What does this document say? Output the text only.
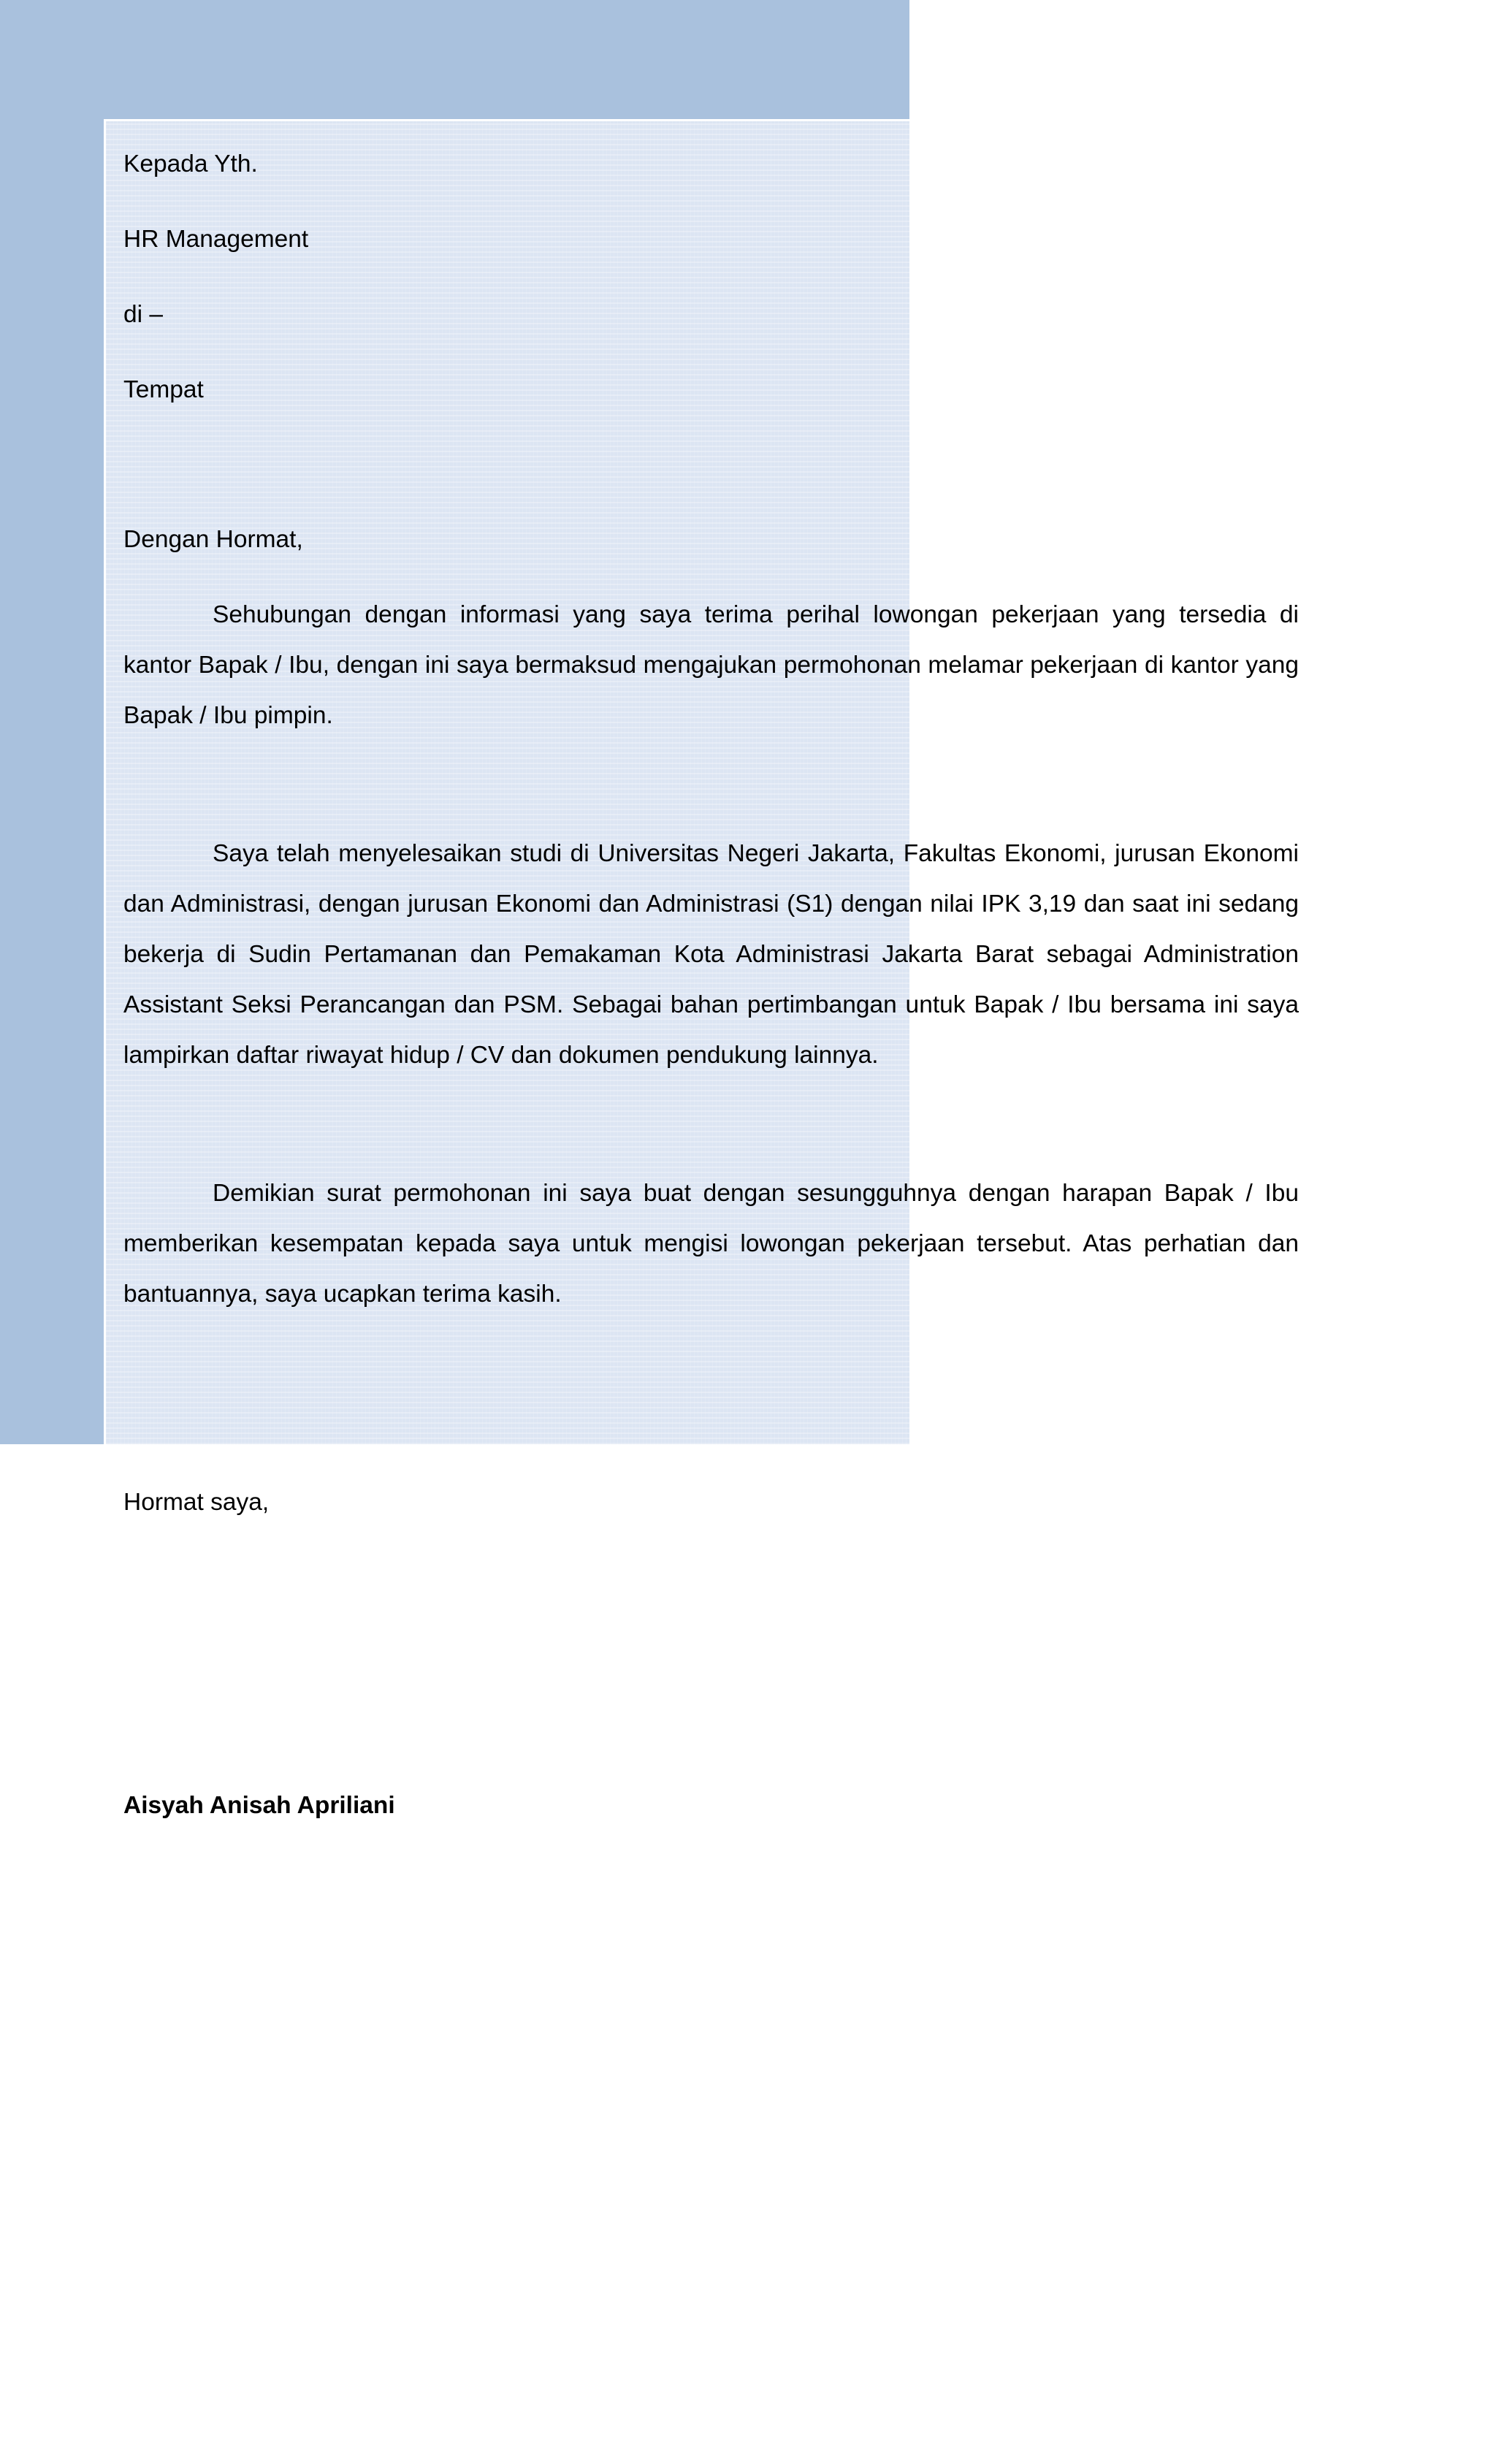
Kepada Yth.

HR Management

di –

Tempat

Dengan Hormat,

Sehubungan dengan informasi yang saya terima perihal lowongan pekerjaan yang tersedia di kantor Bapak / Ibu, dengan ini saya bermaksud mengajukan permohonan melamar pekerjaan di kantor yang Bapak / Ibu pimpin.

Saya telah menyelesaikan studi di Universitas Negeri Jakarta, Fakultas Ekonomi, jurusan Ekonomi dan Administrasi, dengan jurusan Ekonomi dan Administrasi (S1) dengan nilai IPK 3,19 dan saat ini sedang bekerja di Sudin Pertamanan dan Pemakaman Kota Administrasi Jakarta Barat sebagai Administration Assistant Seksi Perancangan dan PSM. Sebagai bahan pertimbangan untuk Bapak / Ibu bersama ini saya lampirkan daftar riwayat hidup / CV dan dokumen pendukung lainnya.

Demikian surat permohonan ini saya buat dengan sesungguhnya dengan harapan Bapak / Ibu memberikan kesempatan kepada saya untuk mengisi lowongan pekerjaan tersebut. Atas perhatian dan bantuannya, saya ucapkan terima kasih.

Hormat saya,

Aisyah Anisah Apriliani
